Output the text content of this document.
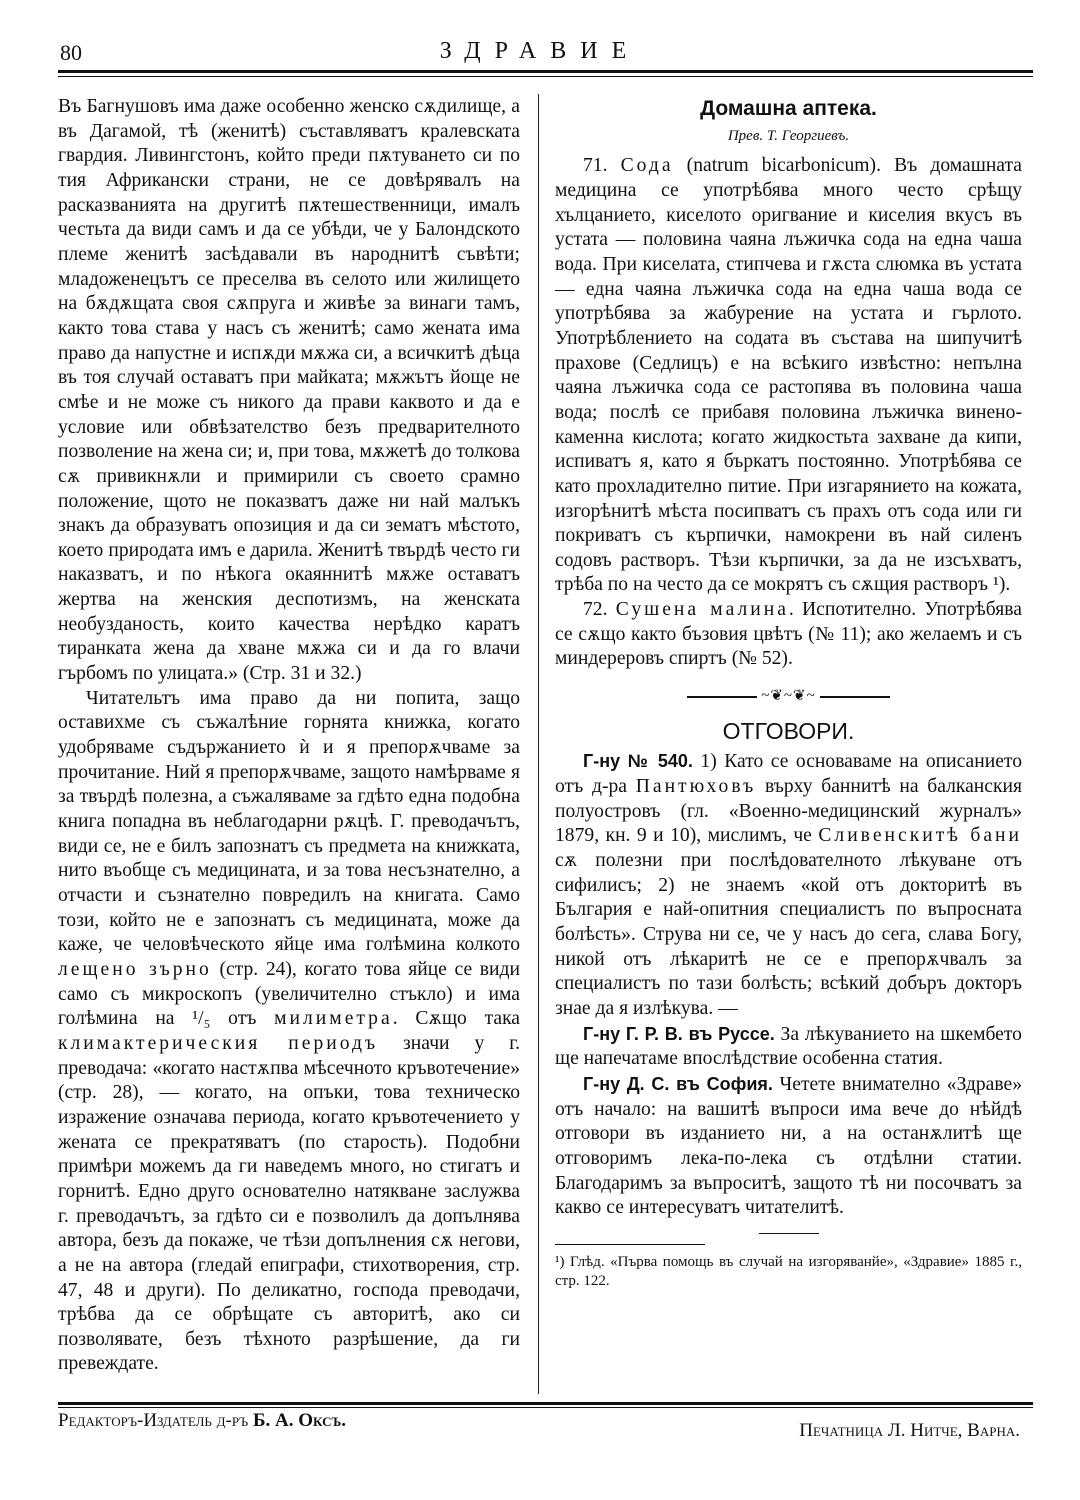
80	ЗДРАВИЕ

Въ Багнушовъ има даже особенно женско сѫдилище, а въ Дагамой, тѣ (женитѣ) съставляватъ кралевската гвардия. Ливингстонъ, който преди пѫтуването си по тия Африкански страни, не се довѣрявалъ на расказванията на другитѣ пѫтешественници, ималъ честьта да види самъ и да се убѣди, че у Балондското племе женитѣ засѣдавали въ народнитѣ съвѣти; младоженецътъ се преселва въ селото или жилището на бѫдѫщата своя сѫпруга и живѣе за винаги тамъ, както това става у насъ съ женитѣ; само жената има право да напустне и испѫди мѫжа си, а всичкитѣ дѣца въ тоя случай оставатъ при майката; мѫжътъ йоще не смѣе и не може съ никого да прави каквото и да е условие или обвѣзателство безъ предварителното позволение на жена си; и, при това, мѫжетѣ до толкова сѫ привикнѫли и примирили съ своето срамно положение, щото не показватъ даже ни най малъкъ знакъ да образуватъ опозиция и да си зематъ мѣстото, което природата имъ е дарила. Женитѣ твърдѣ често ги наказватъ, и по нѣкога окаяннитѣ мѫже оставатъ жертва на женския деспотизмъ, на женската необузданость, които качества нерѣдко каратъ тиранката жена да хване мѫжа си и да го влачи гърбомъ по улицата.» (Стр. 31 и 32.)

Читательтъ има право да ни попита, защо оставихме съ съжалѣние горнята книжка, когато удобряваме съдържанието ѝ и я препорѫчваме за прочитание. Ний я препорѫчваме, защото намѣрваме я за твърдѣ полезна, а съжаляваме за гдѣто една подобна книга попадна въ неблагодарни рѫцѣ. Г. преводачътъ, види се, не е билъ запознатъ съ предмета на книжката, нито въобще съ медицината, и за това несъзнателно, а отчасти и съзнателно повредилъ на книгата. Само този, който не е запознатъ съ медицината, може да каже, че человѣческото яйце има голѣмина колкото лещено зърно (стр. 24), когато това яйце се види само съ микроскопъ (увеличително стъкло) и има голѣмина на ¹/₅ отъ милиметра. Сѫщо така климактерическия периодъ значи у г. преводача: «когато настѫпва мѣсечното кръвотечение» (стр. 28), — когато, на опъки, това техническо изражение означава периода, когато кръвотечението у жената се прекратяватъ (по старость). Подобни примѣри можемъ да ги наведемъ много, но стигатъ и горнитѣ. Едно друго основателно натякване заслужва г. преводачътъ, за гдѣто си е позволилъ да допълнява автора, безъ да покаже, че тѣзи допълнения сѫ негови, а не на автора (гледай епиграфи, стихотворения, стр. 47, 48 и други). По деликатно, господа преводачи, трѣбва да се обрѣщате съ авторитѣ, ако си позволявате, безъ тѣхното разрѣшение, да ги превеждате.

Домашна аптека.
Прев. Т. Георгиевъ.

71. Сода (natrum bicarbonicum). Въ домашната медицина се употрѣбява много често срѣщу хълцанието, киселото оригвание и киселия вкусъ въ устата — половина чаяна лъжичка сода на една чаша вода. При киселата, стипчева и гѫста слюмка въ устата — една чаяна лъжичка сода на една чаша вода се употрѣбява за жабурение на устата и гърлото. Употрѣблението на содата въ състава на шипучитѣ прахове (Седлицъ) е на всѣкиго извѣстно: непълна чаяна лъжичка сода се растопява въ половина чаша вода; послѣ се прибавя половина лъжичка винено-каменна кислота; когато жидкостьта захване да кипи, испиватъ я, като я бъркатъ постоянно. Употрѣбява се като прохладително питие. При изгарянието на кожата, изгорѣнитѣ мѣста посипватъ съ прахъ отъ сода или ги покриватъ съ кърпички, намокрени въ най силенъ содовъ растворъ. Тѣзи кърпички, за да не изсъхватъ, трѣба по на често да се мокрятъ съ сѫщия растворъ ¹).

72. Сушена малина. Испотително. Употрѣбява се сѫщо както бъзовия цвѣтъ (№ 11); ако желаемъ и съ миндереровъ спиртъ (№ 52).

~❦~❦~
ОТГОВОРИ.

Г-ну № 540. 1) Като се основаваме на описанието отъ д-ра Пантюховъ върху баннитѣ на балканския полуостровъ (гл. «Военно-медицинский журналъ» 1879, кн. 9 и 10), мислимъ, че Сливенскитѣ бани сѫ полезни при послѣдователното лѣкуване отъ сифилисъ; 2) не знаемъ «кой отъ докторитѣ въ България е най-опитния специалистъ по въпросната болѣсть». Струва ни се, че у насъ до сега, слава Богу, никой отъ лѣкаритѣ не се е препорѫчвалъ за специалистъ по тази болѣсть; всѣкий добъръ докторъ знае да я излѣкува. —

Г-ну Г. Р. В. въ Руссе. За лѣкуванието на шкембето ще напечатаме впослѣдствие особенна статия.

Г-ну Д. С. въ София. Четете внимателно «Здраве» отъ начало: на вашитѣ въпроси има вече до нѣйдѣ отговори въ изданието ни, а на останѫлитѣ ще отговоримъ лека-по-лека съ отдѣлни статии. Благодаримъ за въпроситѣ, защото тѣ ни посочватъ за какво се интересуватъ читателитѣ.

¹) Глѣд. «Първа помощь въ случай на изгоряванйе», «Здравие» 1885 г., стр. 122.

Редакторъ-Издатель д-ръ Б. А. Оксъ.	Печатница Л. Нитче, Варна.
